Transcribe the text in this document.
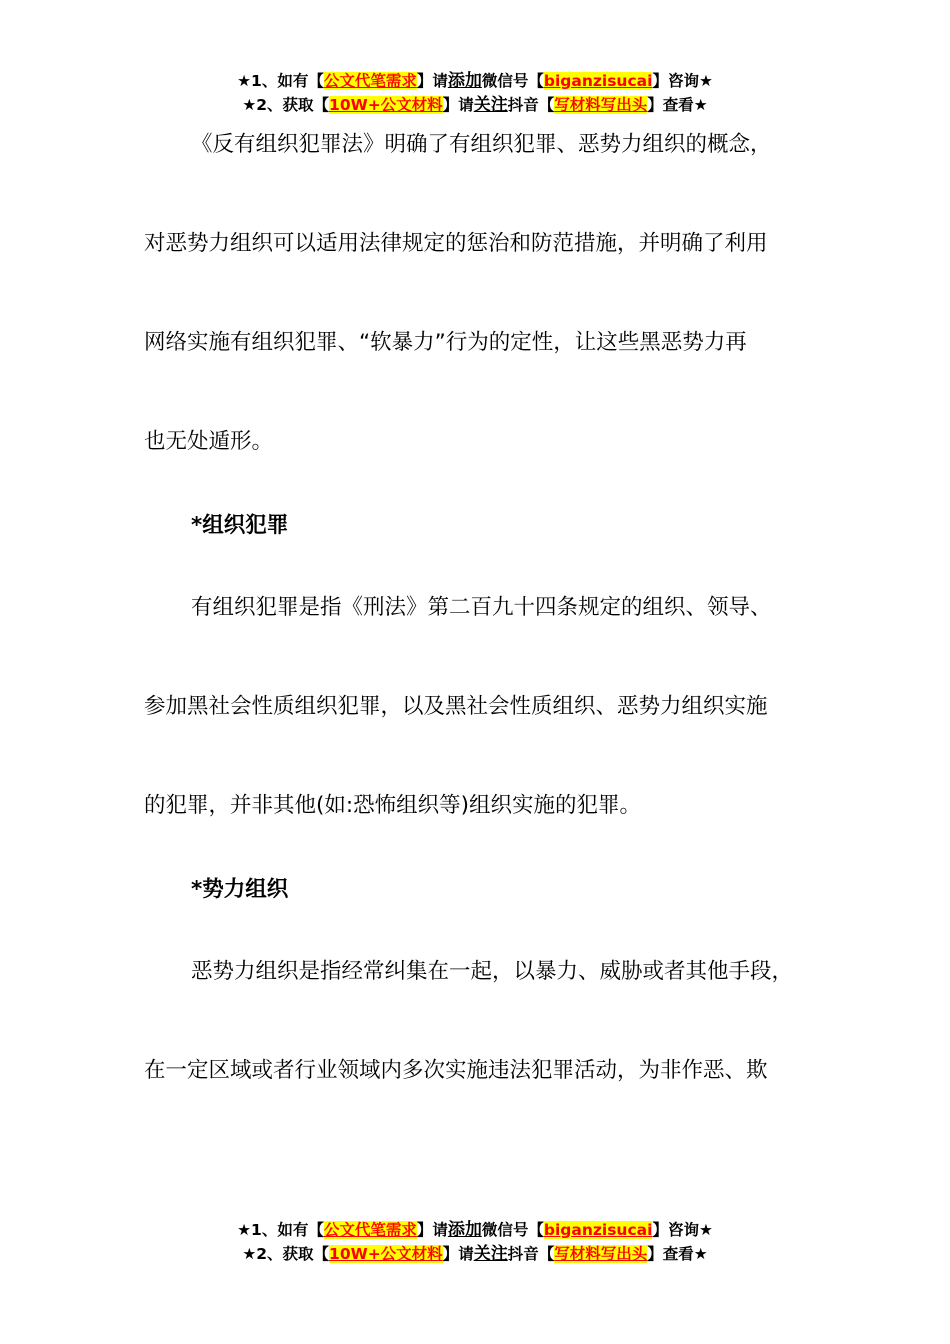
★1、如有【公文代笔需求】请添加微信号【biganzisucai】咨询★
★2、获取【10W+公文材料】请关注抖音【写材料写出头】查看★
《反有组织犯罪法》明确了有组织犯罪、恶势力组织的概念，
对恶势力组织可以适用法律规定的惩治和防范措施，并明确了利用
网络实施有组织犯罪、“软暴力”行为的定性，让这些黑恶势力再
也无处遁形。
*组织犯罪
有组织犯罪是指《刑法》第二百九十四条规定的组织、领导、
参加黑社会性质组织犯罪，以及黑社会性质组织、恶势力组织实施
的犯罪，并非其他(如:恐怖组织等)组织实施的犯罪。
*势力组织
恶势力组织是指经常纠集在一起，以暴力、威胁或者其他手段，
在一定区域或者行业领域内多次实施违法犯罪活动，为非作恶、欺
★1、如有【公文代笔需求】请添加微信号【biganzisucai】咨询★
★2、获取【10W+公文材料】请关注抖音【写材料写出头】查看★
